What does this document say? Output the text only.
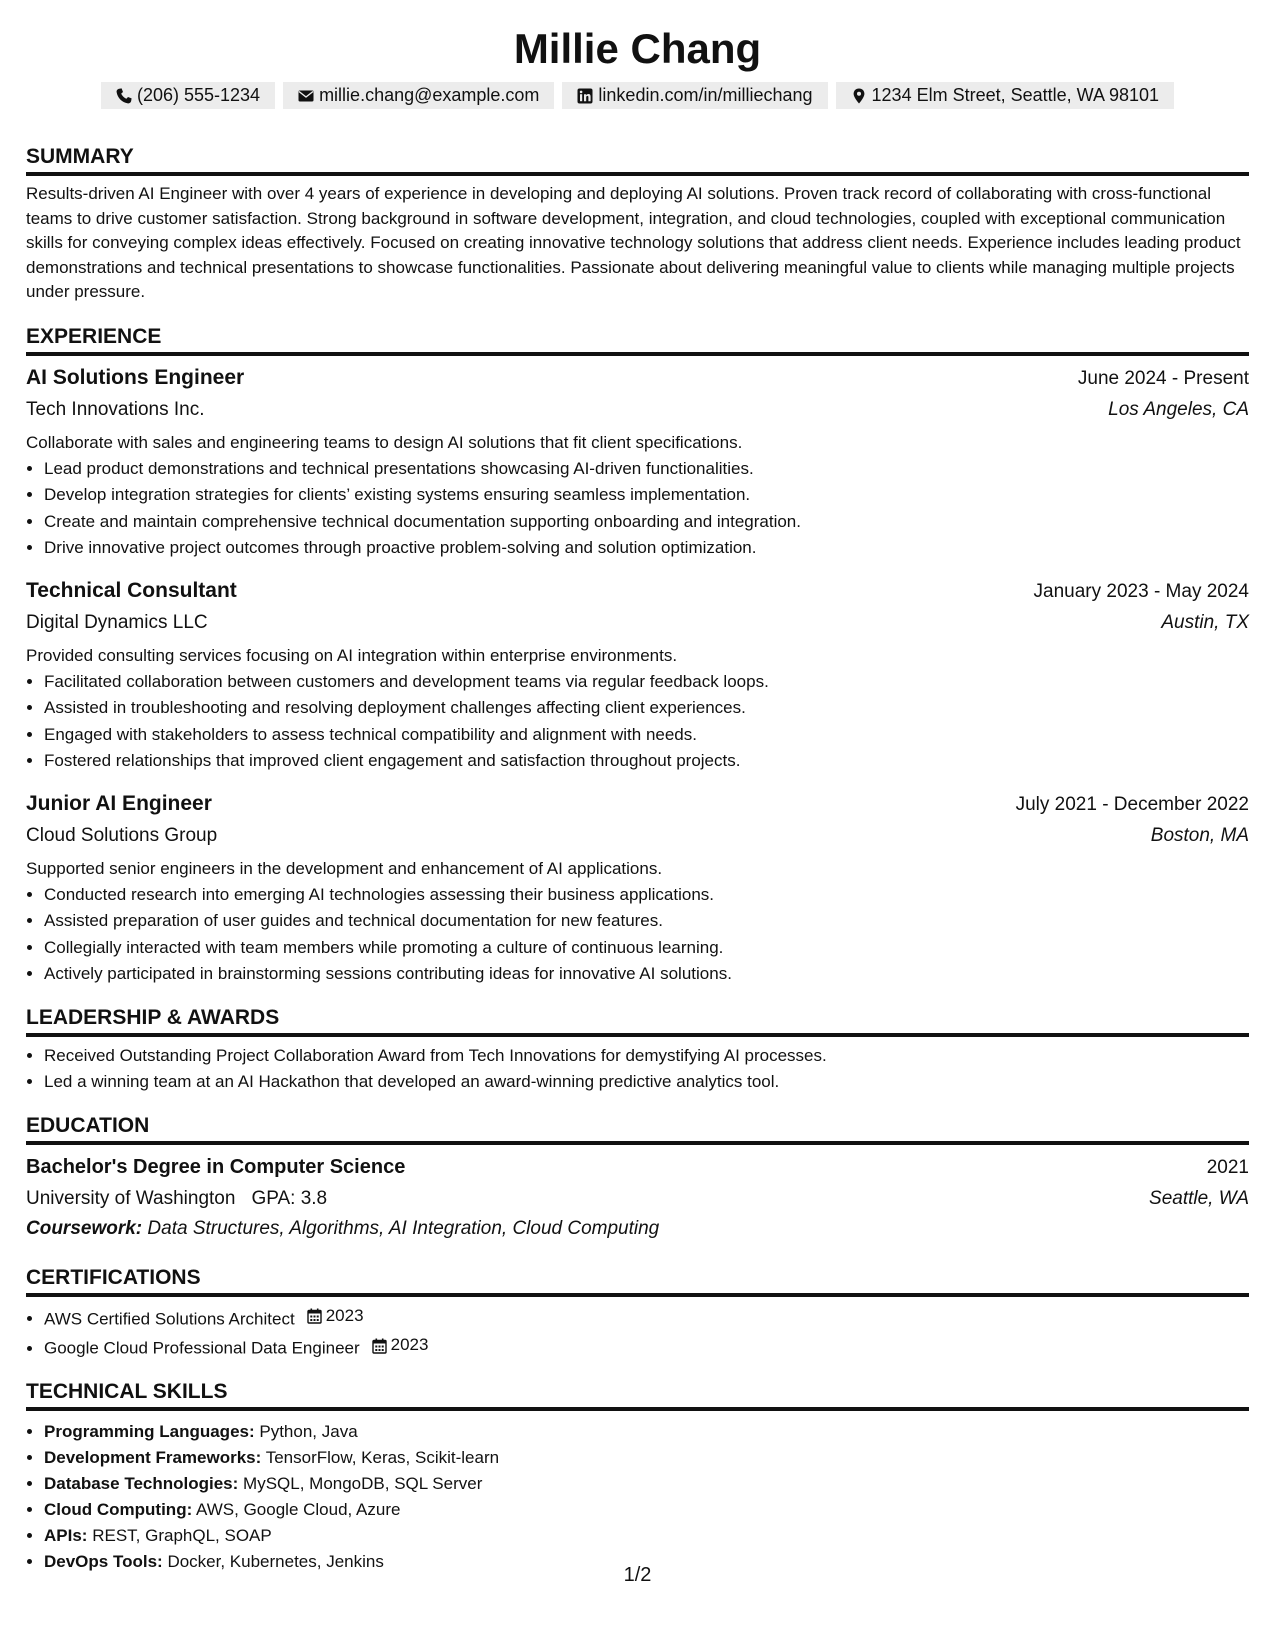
Millie Chang
(206) 555-1234	millie.chang@example.com	linkedin.com/in/milliechang	1234 Elm Street, Seattle, WA 98101
SUMMARY

Results-driven AI Engineer with over 4 years of experience in developing and deploying AI solutions. Proven track record of collaborating with cross-functional teams to drive customer satisfaction. Strong background in software development, integration, and cloud technologies, coupled with exceptional communication skills for conveying complex ideas effectively. Focused on creating innovative technology solutions that address client needs. Experience includes leading product demonstrations and technical presentations to showcase functionalities. Passionate about delivering meaningful value to clients while managing multiple projects under pressure.

EXPERIENCE
AI Solutions Engineer	June 2024 - Present
Tech Innovations Inc.	Los Angeles, CA
Collaborate with sales and engineering teams to design AI solutions that fit client specifications.
• Lead product demonstrations and technical presentations showcasing AI-driven functionalities.
• Develop integration strategies for clients’ existing systems ensuring seamless implementation.
• Create and maintain comprehensive technical documentation supporting onboarding and integration.
• Drive innovative project outcomes through proactive problem-solving and solution optimization.
Technical Consultant	January 2023 - May 2024
Digital Dynamics LLC	Austin, TX
Provided consulting services focusing on AI integration within enterprise environments.
• Facilitated collaboration between customers and development teams via regular feedback loops.
• Assisted in troubleshooting and resolving deployment challenges affecting client experiences.
• Engaged with stakeholders to assess technical compatibility and alignment with needs.
• Fostered relationships that improved client engagement and satisfaction throughout projects.
Junior AI Engineer	July 2021 - December 2022
Cloud Solutions Group	Boston, MA
Supported senior engineers in the development and enhancement of AI applications.
• Conducted research into emerging AI technologies assessing their business applications.
• Assisted preparation of user guides and technical documentation for new features.
• Collegially interacted with team members while promoting a culture of continuous learning.
• Actively participated in brainstorming sessions contributing ideas for innovative AI solutions.
LEADERSHIP & AWARDS
• Received Outstanding Project Collaboration Award from Tech Innovations for demystifying AI processes.
• Led a winning team at an AI Hackathon that developed an award-winning predictive analytics tool.
EDUCATION
Bachelor's Degree in Computer Science	2021
University of Washington GPA: 3.8	Seattle, WA
Coursework: Data Structures, Algorithms, AI Integration, Cloud Computing
CERTIFICATIONS
• AWS Certified Solutions Architect 2023
• Google Cloud Professional Data Engineer 2023
TECHNICAL SKILLS
• Programming Languages: Python, Java
• Development Frameworks: TensorFlow, Keras, Scikit-learn
• Database Technologies: MySQL, MongoDB, SQL Server
• Cloud Computing: AWS, Google Cloud, Azure
• APIs: REST, GraphQL, SOAP
• DevOps Tools: Docker, Kubernetes, Jenkins
1/2
